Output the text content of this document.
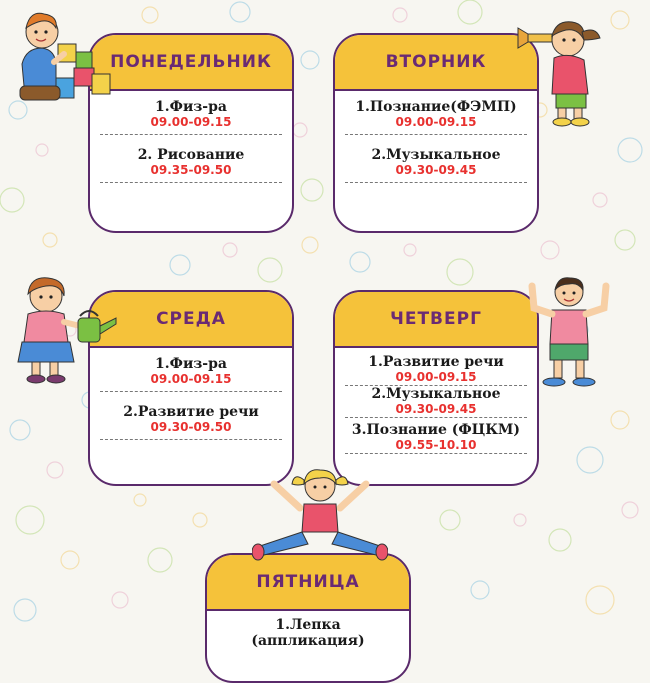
ПОНЕДЕЛЬНИК
1.Физ-ра
09.00-09.15
2. Рисование
09.35-09.50
ВТОРНИК
1.Познание(ФЭМП)
09.00-09.15
2.Музыкальное
09.30-09.45
СРЕДА
1.Физ-ра
09.00-09.15
2.Развитие речи
09.30-09.50
ЧЕТВЕРГ
1.Развитие речи
09.00-09.15
2.Музыкальное
09.30-09.45
3.Познание (ФЦКМ)
09.55-10.10
ПЯТНИЦА
1.Лепка
(аппликация)
